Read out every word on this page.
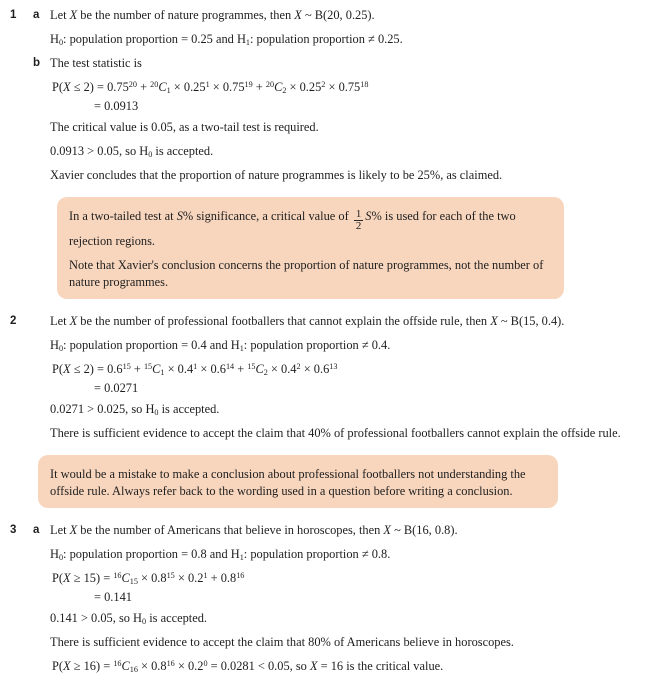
1 a Let X be the number of nature programmes, then X ~ B(20, 0.25).

$H_0$: population proportion = 0.25 and $H_1$: population proportion ≠ 0.25.

b The test statistic is

$P(X \le 2) = 0.75^{20} + ^{20}C_1 \times 0.25^1 \times 0.75^{19} + ^{20}C_2 \times 0.25^2 \times 0.75^{18}$

= 0.0913

The critical value is 0.05, as a two-tail test is required.

0.0913 > 0.05, so $H_0$ is accepted.

Xavier concludes that the proportion of nature programmes is likely to be 25%, as claimed.

In a two-tailed test at S% significance, a critical value of $\frac{1}{2} S\%$ is used for each of the two rejection regions.

Note that Xavier's conclusion concerns the proportion of nature programmes, not the number of nature programmes.

2	Let X be the number of professional footballers that cannot explain the offside rule, then X ~ B(15, 0.4).

$H_0$: population proportion = 0.4 and $H_1$: population proportion ≠ 0.4.

$P(X \le 2) = 0.6^{15} + ^{15}C_1 \times 0.4^1 \times 0.6^{14} + ^{15}C_2 \times 0.4^2 \times 0.6^{13}$

= 0.0271

0.0271 > 0.025, so $H_0$ is accepted.

There is sufficient evidence to accept the claim that 40% of professional footballers cannot explain the offside rule.

It would be a mistake to make a conclusion about professional footballers not understanding the offside rule. Always refer back to the wording used in a question before writing a conclusion.

3 a Let X be the number of Americans that believe in horoscopes, then X ~ B(16, 0.8).

$H_0$: population proportion = 0.8 and $H_1$: population proportion ≠ 0.8.

$P(X \ge 15) = ^{16}C_{15} \times 0.8^{15} \times 0.2^1 + 0.8^{16}$

= 0.141

0.141 > 0.05, so $H_0$ is accepted.

There is sufficient evidence to accept the claim that 80% of Americans believe in horoscopes.

$P(X \ge 16) = ^{16}C_{16} \times 0.8^{16} \times 0.2^0 = 0.0281 < 0.05$, so X = 16 is the critical value.
